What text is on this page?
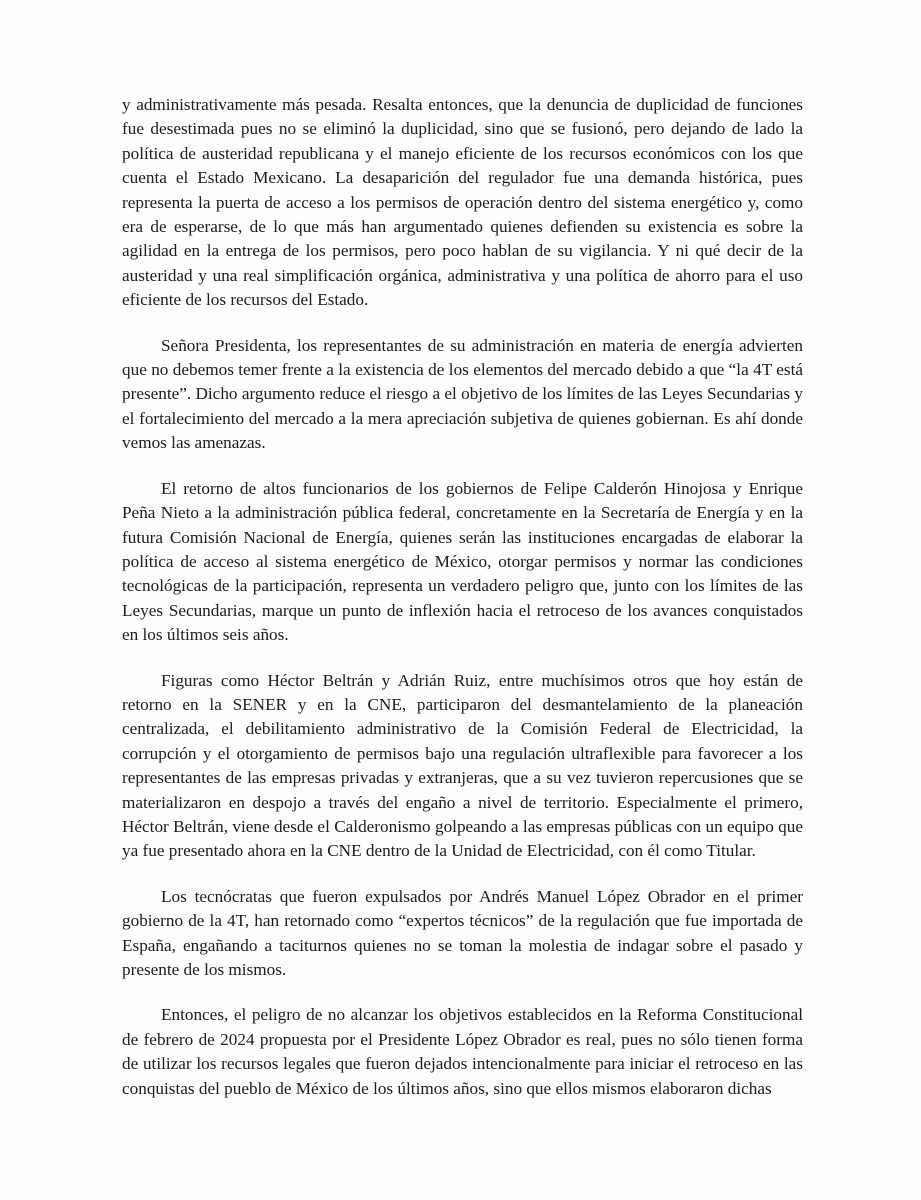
y administrativamente más pesada. Resalta entonces, que la denuncia de duplicidad de funciones fue desestimada pues no se eliminó la duplicidad, sino que se fusionó, pero dejando de lado la política de austeridad republicana y el manejo eficiente de los recursos económicos con los que cuenta el Estado Mexicano. La desaparición del regulador fue una demanda histórica, pues representa la puerta de acceso a los permisos de operación dentro del sistema energético y, como era de esperarse, de lo que más han argumentado quienes defienden su existencia es sobre la agilidad en la entrega de los permisos, pero poco hablan de su vigilancia. Y ni qué decir de la austeridad y una real simplificación orgánica, administrativa y una política de ahorro para el uso eficiente de los recursos del Estado.

Señora Presidenta, los representantes de su administración en materia de energía advierten que no debemos temer frente a la existencia de los elementos del mercado debido a que “la 4T está presente”. Dicho argumento reduce el riesgo a el objetivo de los límites de las Leyes Secundarias y el fortalecimiento del mercado a la mera apreciación subjetiva de quienes gobiernan. Es ahí donde vemos las amenazas.

El retorno de altos funcionarios de los gobiernos de Felipe Calderón Hinojosa y Enrique Peña Nieto a la administración pública federal, concretamente en la Secretaría de Energía y en la futura Comisión Nacional de Energía, quienes serán las instituciones encargadas de elaborar la política de acceso al sistema energético de México, otorgar permisos y normar las condiciones tecnológicas de la participación, representa un verdadero peligro que, junto con los límites de las Leyes Secundarias, marque un punto de inflexión hacia el retroceso de los avances conquistados en los últimos seis años.

Figuras como Héctor Beltrán y Adrián Ruiz, entre muchísimos otros que hoy están de retorno en la SENER y en la CNE, participaron del desmantelamiento de la planeación centralizada, el debilitamiento administrativo de la Comisión Federal de Electricidad, la corrupción y el otorgamiento de permisos bajo una regulación ultraflexible para favorecer a los representantes de las empresas privadas y extranjeras, que a su vez tuvieron repercusiones que se materializaron en despojo a través del engaño a nivel de territorio. Especialmente el primero, Héctor Beltrán, viene desde el Calderonismo golpeando a las empresas públicas con un equipo que ya fue presentado ahora en la CNE dentro de la Unidad de Electricidad, con él como Titular.

Los tecnócratas que fueron expulsados por Andrés Manuel López Obrador en el primer gobierno de la 4T, han retornado como “expertos técnicos” de la regulación que fue importada de España, engañando a taciturnos quienes no se toman la molestia de indagar sobre el pasado y presente de los mismos.

Entonces, el peligro de no alcanzar los objetivos establecidos en la Reforma Constitucional de febrero de 2024 propuesta por el Presidente López Obrador es real, pues no sólo tienen forma de utilizar los recursos legales que fueron dejados intencionalmente para iniciar el retroceso en las conquistas del pueblo de México de los últimos años, sino que ellos mismos elaboraron dichas
